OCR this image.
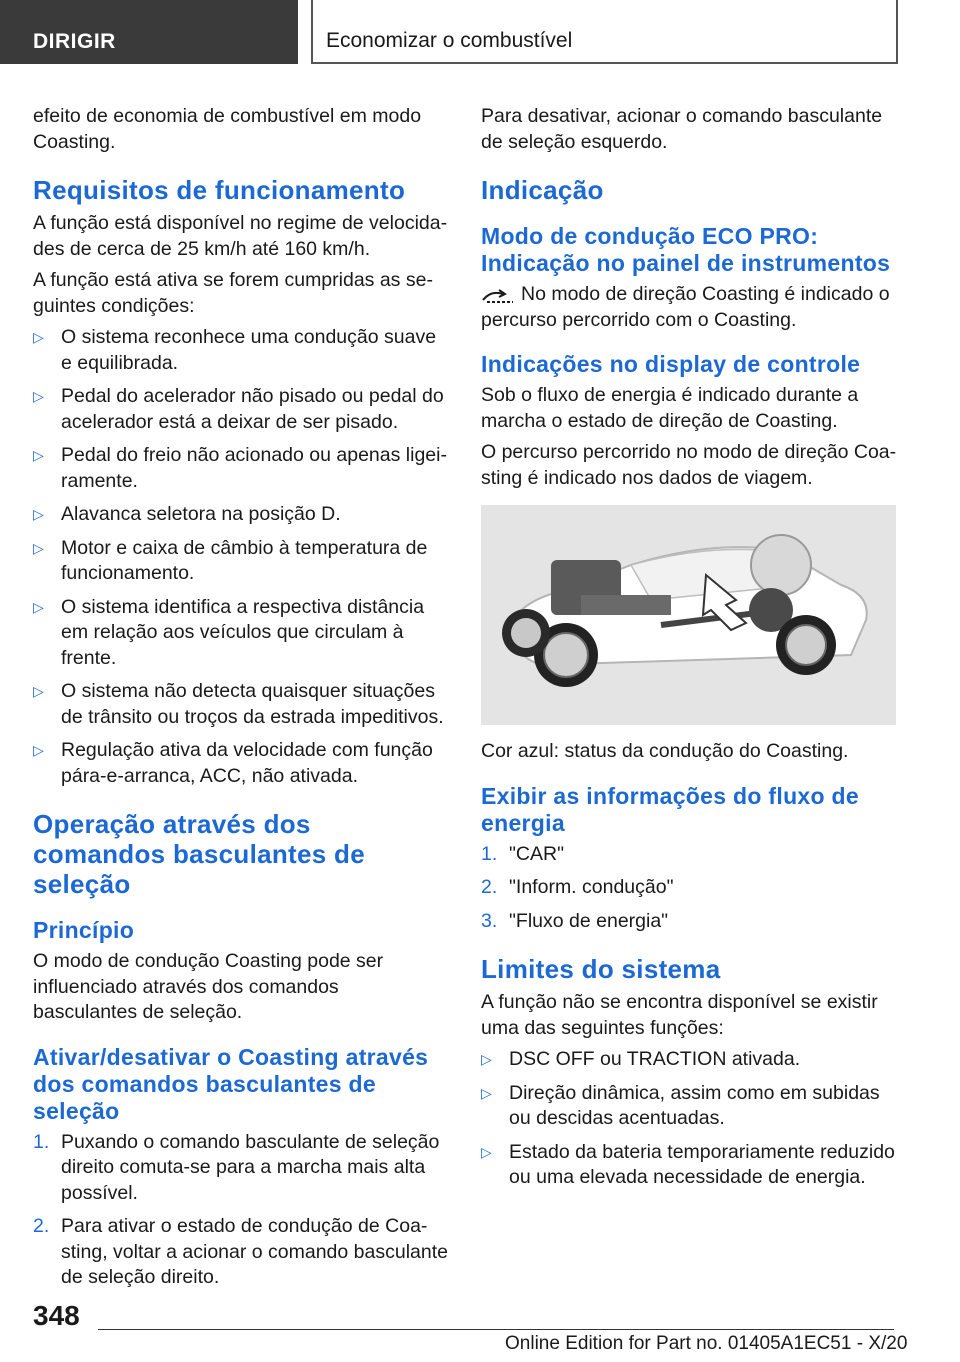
DIRIGIR	Economizar o combustível

efeito de economia de combustível em modo Coasting.

Requisitos de funcionamento

A função está disponível no regime de velocidades de cerca de 25 km/h até 160 km/h.

A função está ativa se forem cumpridas as seguintes condições:

▷ O sistema reconhece uma condução suave e equilibrada.
▷ Pedal do acelerador não pisado ou pedal do acelerador está a deixar de ser pisado.
▷ Pedal do freio não acionado ou apenas ligeiramente.
▷ Alavanca seletora na posição D.
▷ Motor e caixa de câmbio à temperatura de funcionamento.
▷ O sistema identifica a respectiva distância em relação aos veículos que circulam à frente.
▷ O sistema não detecta quaisquer situações de trânsito ou troços da estrada impeditivos.
▷ Regulação ativa da velocidade com função pára-e-arranca, ACC, não ativada.
Operação através dos comandos basculantes de seleção
Princípio

O modo de condução Coasting pode ser influenciado através dos comandos basculantes de seleção.

Ativar/desativar o Coasting através dos comandos basculantes de seleção
1. Puxando o comando basculante de seleção direito comuta-se para a marcha mais alta possível.
2. Para ativar o estado de condução de Coasting, voltar a acionar o comando basculante de seleção direito.

Para desativar, acionar o comando basculante de seleção esquerdo.

Indicação
Modo de condução ECO PRO: Indicação no painel de instrumentos

No modo de direção Coasting é indicado o percurso percorrido com o Coasting.

Indicações no display de controle

Sob o fluxo de energia é indicado durante a marcha o estado de direção de Coasting.

O percurso percorrido no modo de direção Coasting é indicado nos dados de viagem.

Cor azul: status da condução do Coasting.

Exibir as informações do fluxo de energia
1. "CAR"
2. "Inform. condução"
3. "Fluxo de energia"
Limites do sistema

A função não se encontra disponível se existir uma das seguintes funções:

▷ DSC OFF ou TRACTION ativada.
▷ Direção dinâmica, assim como em subidas ou descidas acentuadas.
▷ Estado da bateria temporariamente reduzido ou uma elevada necessidade de energia.
348
Online Edition for Part no. 01405A1EC51 - X/20
